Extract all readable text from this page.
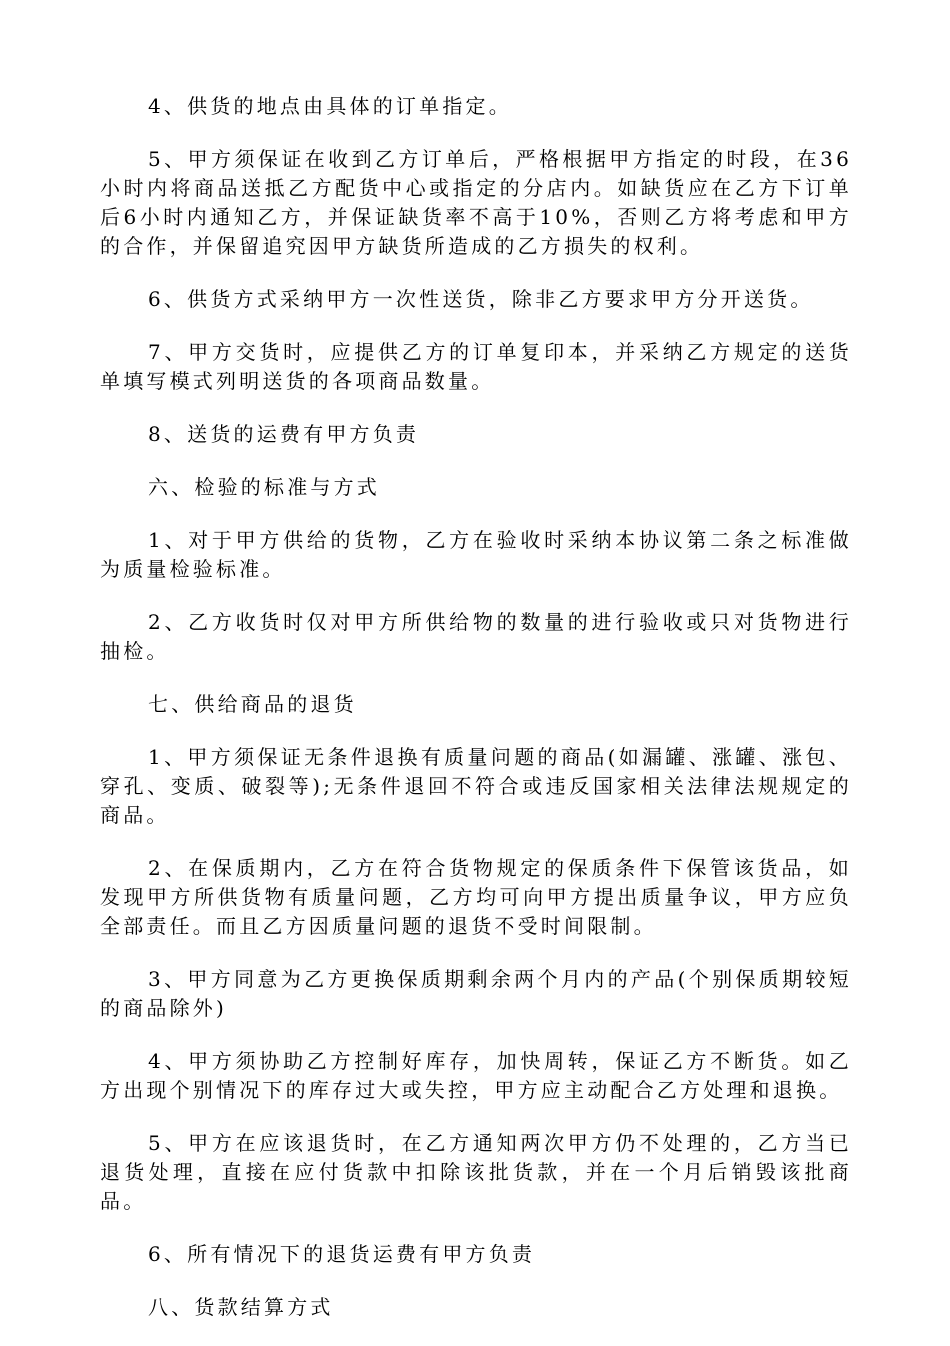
4、供货的地点由具体的订单指定。

5、甲方须保证在收到乙方订单后，严格根据甲方指定的时段，在36小时内将商品送抵乙方配货中心或指定的分店内。如缺货应在乙方下订单后6小时内通知乙方，并保证缺货率不高于10%，否则乙方将考虑和甲方的合作，并保留追究因甲方缺货所造成的乙方损失的权利。

6、供货方式采纳甲方一次性送货，除非乙方要求甲方分开送货。

7、甲方交货时，应提供乙方的订单复印本，并采纳乙方规定的送货单填写模式列明送货的各项商品数量。

8、送货的运费有甲方负责

六、检验的标准与方式

1、对于甲方供给的货物，乙方在验收时采纳本协议第二条之标准做为质量检验标准。

2、乙方收货时仅对甲方所供给物的数量的进行验收或只对货物进行抽检。

七、供给商品的退货

1、甲方须保证无条件退换有质量问题的商品(如漏罐、涨罐、涨包、穿孔、变质、破裂等);无条件退回不符合或违反国家相关法律法规规定的商品。

2、在保质期内，乙方在符合货物规定的保质条件下保管该货品，如发现甲方所供货物有质量问题，乙方均可向甲方提出质量争议，甲方应负全部责任。而且乙方因质量问题的退货不受时间限制。

3、甲方同意为乙方更换保质期剩余两个月内的产品(个别保质期较短的商品除外)

4、甲方须协助乙方控制好库存，加快周转，保证乙方不断货。如乙方出现个别情况下的库存过大或失控，甲方应主动配合乙方处理和退换。

5、甲方在应该退货时，在乙方通知两次甲方仍不处理的，乙方当已退货处理，直接在应付货款中扣除该批货款，并在一个月后销毁该批商品。

6、所有情况下的退货运费有甲方负责

八、货款结算方式
